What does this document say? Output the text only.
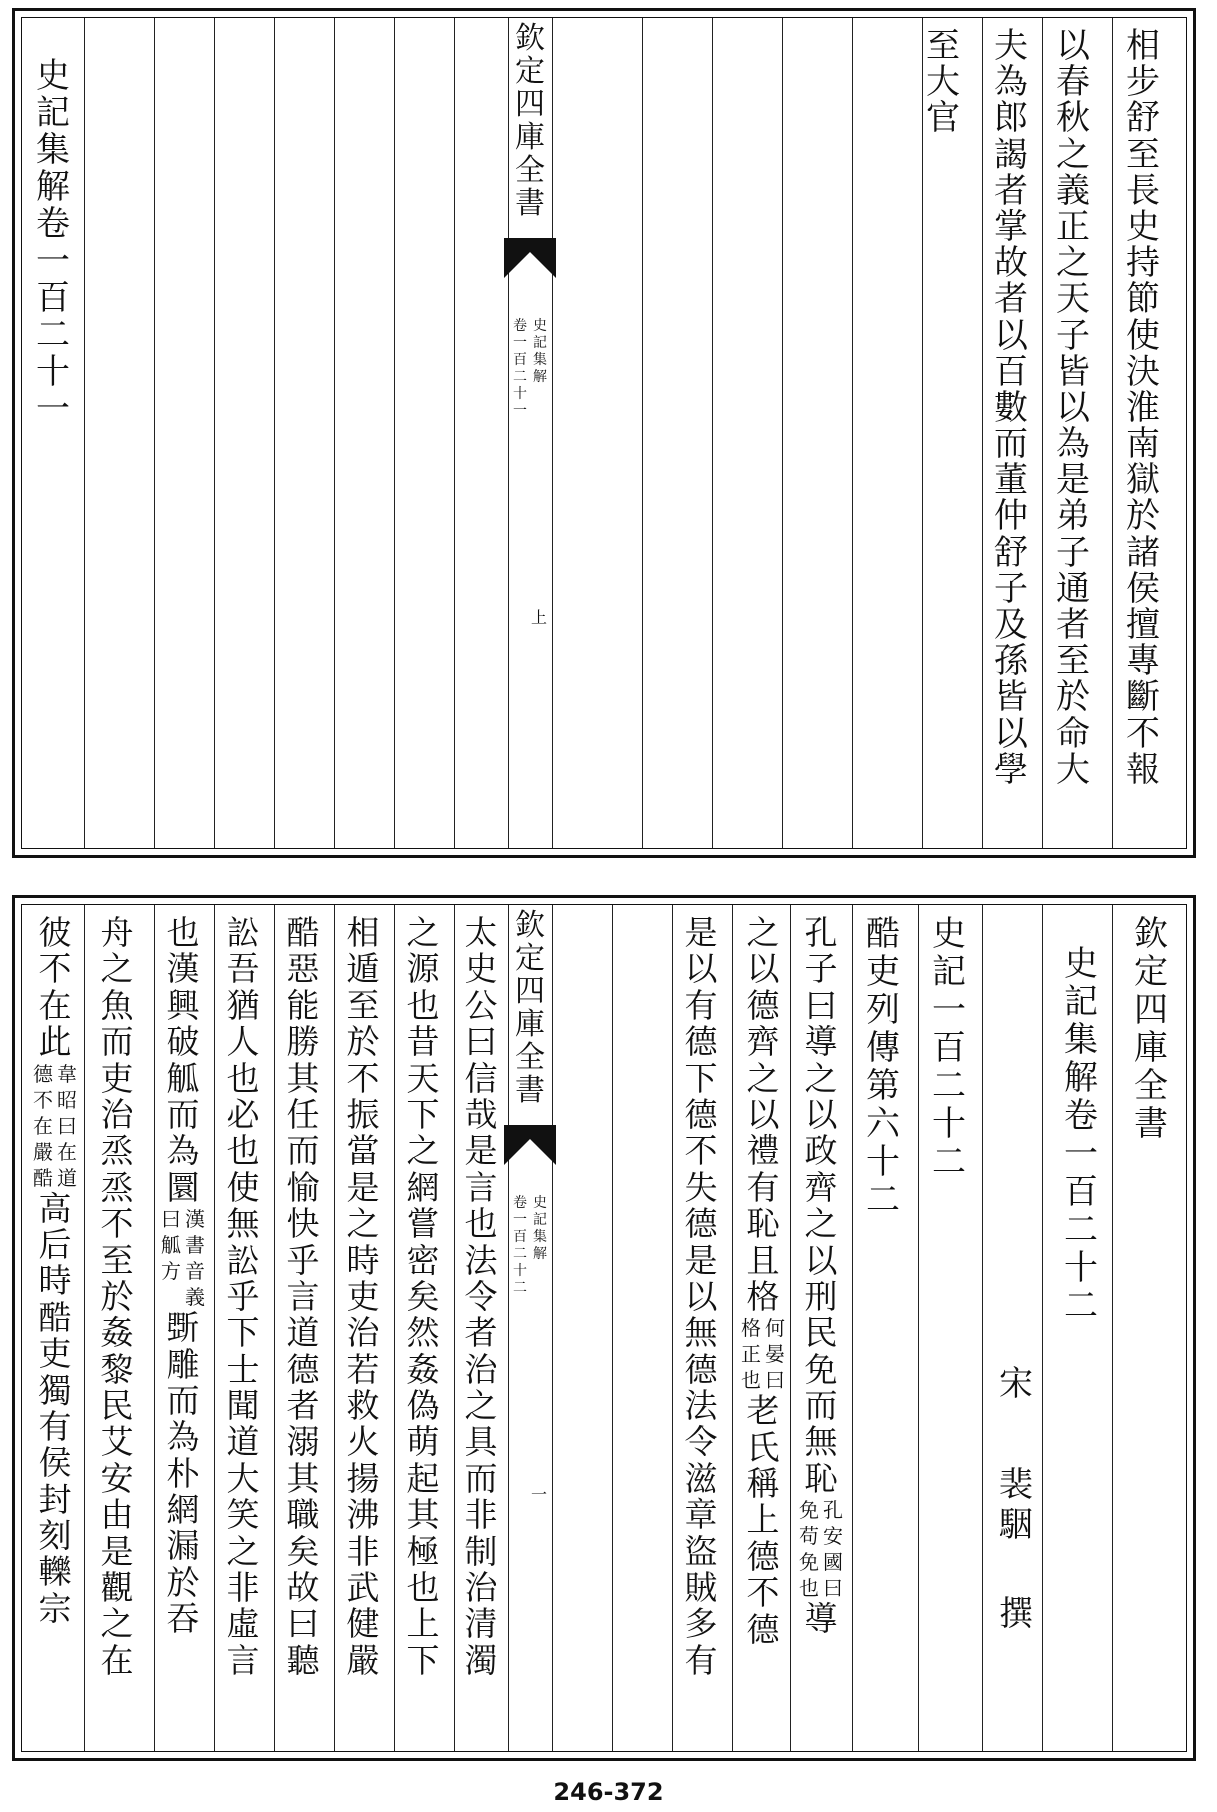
相
步
舒
至
長
史
持
節
使
決
淮
南
獄
於
諸
侯
擅
專
斷
不
報
以
春
秋
之
義
正
之
天
子
皆
以
為
是
弟
子
通
者
至
於
命
大
夫
為
郎
謁
者
掌
故
者
以
百
數
而
董
仲
舒
子
及
孫
皆
以
學
至
大
官
欽
定
四
庫
全
書
史
記
集
解
卷
一
百
二
十
一
上
史
記
集
解
卷
一
百
二
十
一
欽
定
四
庫
全
書
史
記
集
解
卷
一
百
二
十
二
宋
裴
駰
撰
史
記
一
百
二
十
二
酷
吏
列
傳
第
六
十
二
孔
子
曰
導
之
以
政
齊
之
以
刑
民
免
而
無
恥
孔
安
國
曰
免
苟
免
也
導
之
以
德
齊
之
以
禮
有
恥
且
格
何
晏
曰
格
正
也
老
氏
稱
上
德
不
德
是
以
有
德
下
德
不
失
德
是
以
無
德
法
令
滋
章
盜
賊
多
有
欽
定
四
庫
全
書
史
記
集
解
卷
一
百
二
十
二
一
太
史
公
曰
信
哉
是
言
也
法
令
者
治
之
具
而
非
制
治
清
濁
之
源
也
昔
天
下
之
網
嘗
密
矣
然
姦
偽
萌
起
其
極
也
上
下
相
遁
至
於
不
振
當
是
之
時
吏
治
若
救
火
揚
沸
非
武
健
嚴
酷
惡
能
勝
其
任
而
愉
快
乎
言
道
德
者
溺
其
職
矣
故
曰
聽
訟
吾
猶
人
也
必
也
使
無
訟
乎
下
士
聞
道
大
笑
之
非
虛
言
也
漢
興
破
觚
而
為
圜
漢
書
音
義
曰
觚
方
斲
雕
而
為
朴
網
漏
於
吞
舟
之
魚
而
吏
治
烝
烝
不
至
於
姦
黎
民
艾
安
由
是
觀
之
在
彼
不
在
此
韋
昭
曰
在
道
德
不
在
嚴
酷
高
后
時
酷
吏
獨
有
侯
封
刻
轢
宗
246-372
